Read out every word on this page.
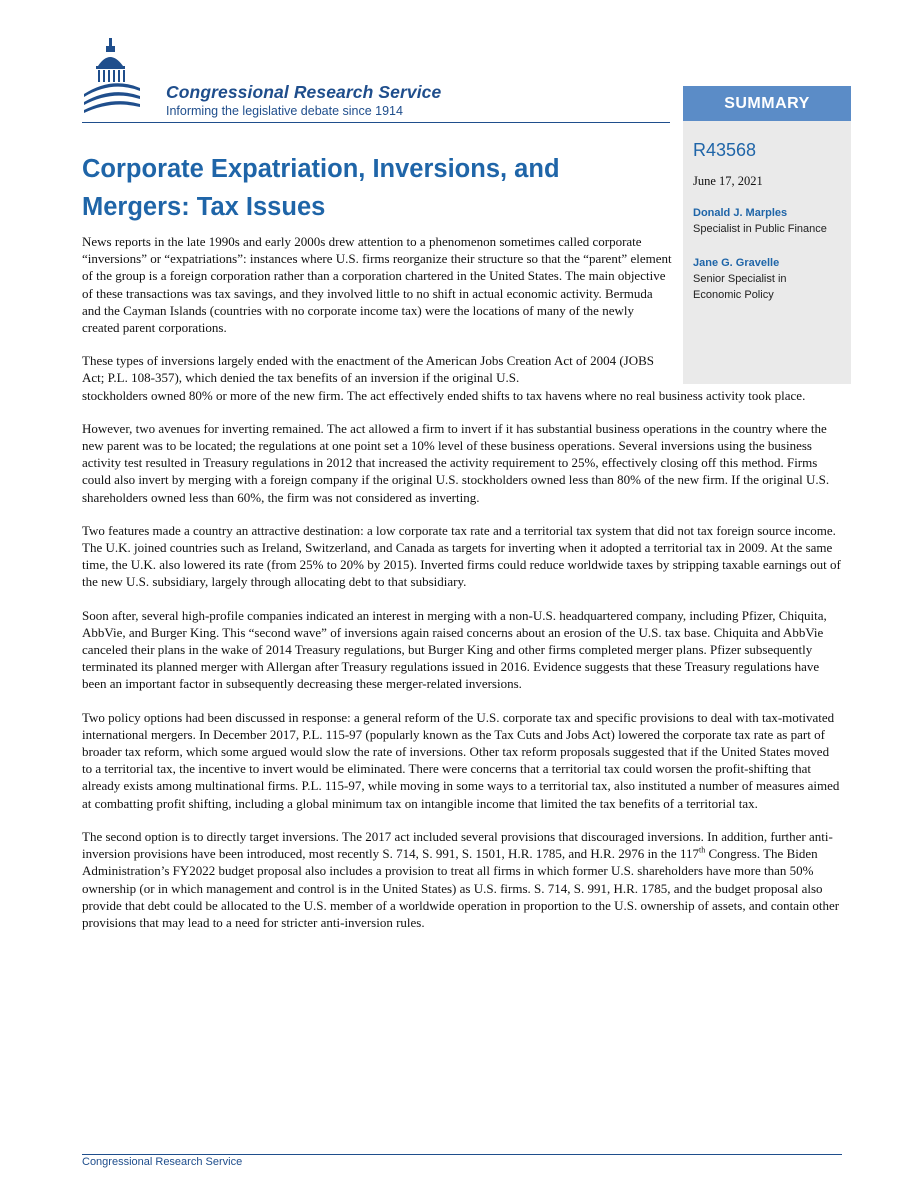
Congressional Research Service
Informing the legislative debate since 1914
Corporate Expatriation, Inversions, and Mergers: Tax Issues
SUMMARY
R43568
June 17, 2021
Donald J. Marples
Specialist in Public Finance
Jane G. Gravelle
Senior Specialist in Economic Policy

News reports in the late 1990s and early 2000s drew attention to a phenomenon sometimes called corporate “inversions” or “expatriations”: instances where U.S. firms reorganize their structure so that the “parent” element of the group is a foreign corporation rather than a corporation chartered in the United States. The main objective of these transactions was tax savings, and they involved little to no shift in actual economic activity. Bermuda and the Cayman Islands (countries with no corporate income tax) were the locations of many of the newly created parent corporations.

These types of inversions largely ended with the enactment of the American Jobs Creation Act of 2004 (JOBS Act; P.L. 108-357), which denied the tax benefits of an inversion if the original U.S.
stockholders owned 80% or more of the new firm. The act effectively ended shifts to tax havens where no real business activity took place.

However, two avenues for inverting remained. The act allowed a firm to invert if it has substantial business operations in the country where the new parent was to be located; the regulations at one point set a 10% level of these business operations. Several inversions using the business activity test resulted in Treasury regulations in 2012 that increased the activity requirement to 25%, effectively closing off this method. Firms could also invert by merging with a foreign company if the original U.S. stockholders owned less than 80% of the new firm. If the original U.S. shareholders owned less than 60%, the firm was not considered as inverting.

Two features made a country an attractive destination: a low corporate tax rate and a territorial tax system that did not tax foreign source income. The U.K. joined countries such as Ireland, Switzerland, and Canada as targets for inverting when it adopted a territorial tax in 2009. At the same time, the U.K. also lowered its rate (from 25% to 20% by 2015). Inverted firms could reduce worldwide taxes by stripping taxable earnings out of the new U.S. subsidiary, largely through allocating debt to that subsidiary.

Soon after, several high-profile companies indicated an interest in merging with a non-U.S. headquartered company, including Pfizer, Chiquita, AbbVie, and Burger King. This “second wave” of inversions again raised concerns about an erosion of the U.S. tax base. Chiquita and AbbVie canceled their plans in the wake of 2014 Treasury regulations, but Burger King and other firms completed merger plans. Pfizer subsequently terminated its planned merger with Allergan after Treasury regulations issued in 2016. Evidence suggests that these Treasury regulations have been an important factor in subsequently decreasing these merger-related inversions.

Two policy options had been discussed in response: a general reform of the U.S. corporate tax and specific provisions to deal with tax-motivated international mergers. In December 2017, P.L. 115-97 (popularly known as the Tax Cuts and Jobs Act) lowered the corporate tax rate as part of broader tax reform, which some argued would slow the rate of inversions. Other tax reform proposals suggested that if the United States moved to a territorial tax, the incentive to invert would be eliminated. There were concerns that a territorial tax could worsen the profit-shifting that already exists among multinational firms. P.L. 115-97, while moving in some ways to a territorial tax, also instituted a number of measures aimed at combatting profit shifting, including a global minimum tax on intangible income that limited the tax benefits of a territorial tax.

The second option is to directly target inversions. The 2017 act included several provisions that discouraged inversions. In addition, further anti-inversion provisions have been introduced, most recently S. 714, S. 991, S. 1501, H.R. 1785, and H.R. 2976 in the 117th Congress. The Biden Administration’s FY2022 budget proposal also includes a provision to treat all firms in which former U.S. shareholders have more than 50% ownership (or in which management and control is in the United States) as U.S. firms. S. 714, S. 991, H.R. 1785, and the budget proposal also provide that debt could be allocated to the U.S. member of a worldwide operation in proportion to the U.S. ownership of assets, and contain other provisions that may lead to a need for stricter anti-inversion rules.

Congressional Research Service
